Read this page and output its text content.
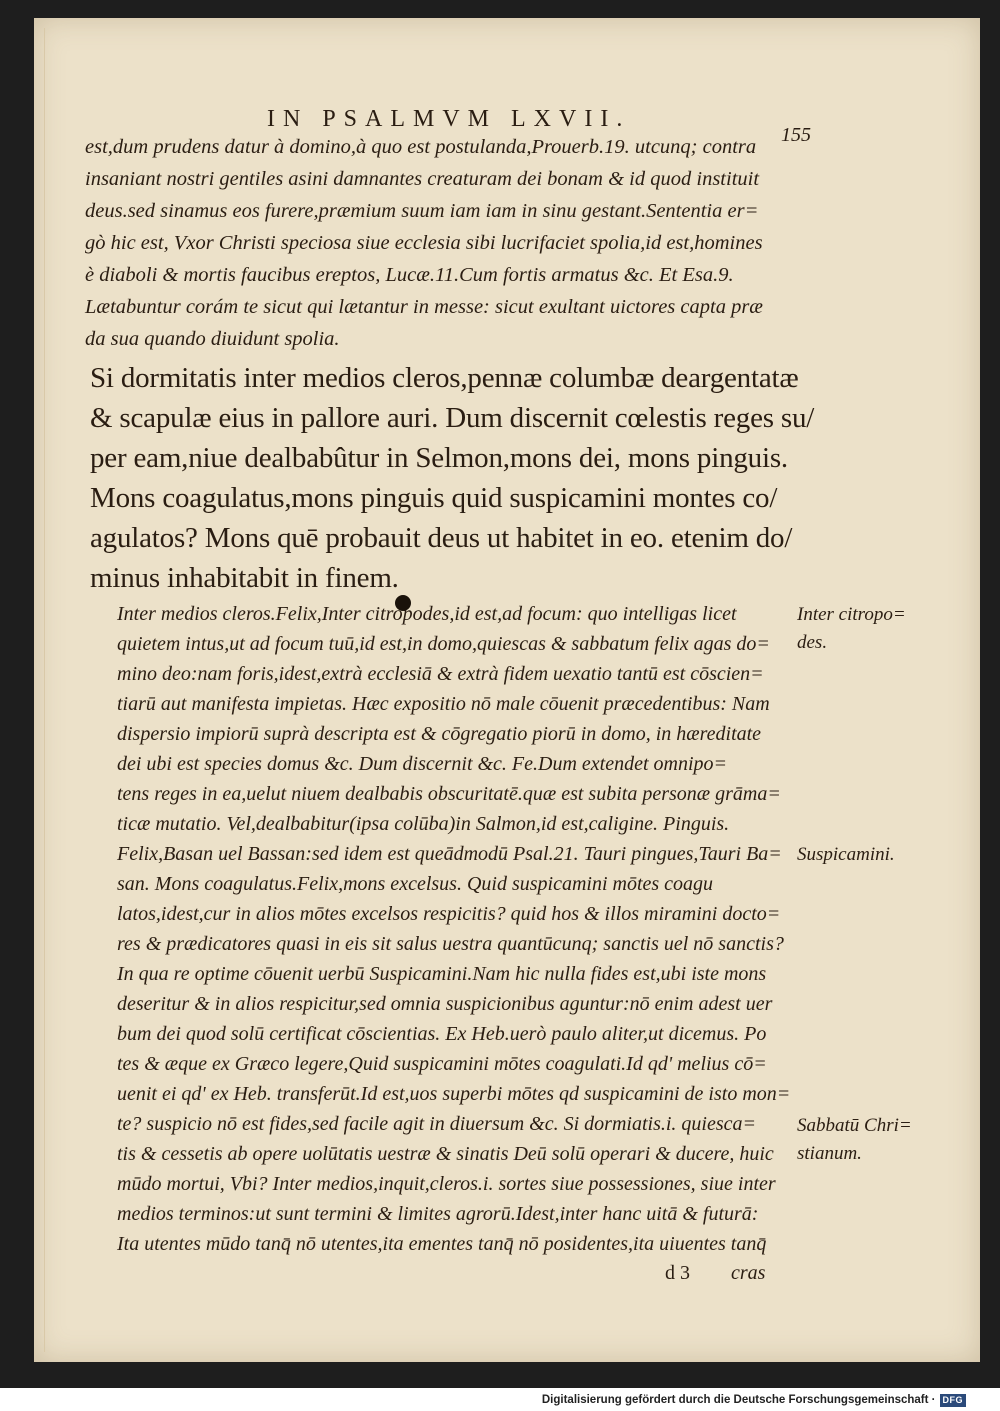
IN PSALMVM LXVII.
155
est,dum prudens datur à domino,à quo est postulanda,Prouerb.19. utcunq; contra
insaniant nostri gentiles asini damnantes creaturam dei bonam & id quod instituit
deus.sed sinamus eos furere,præmium suum iam iam in sinu gestant.Sententia er=
gò hic est, Vxor Christi speciosa siue ecclesia sibi lucrifaciet spolia,id est,homines
è diaboli & mortis faucibus ereptos, Lucæ.11.Cum fortis armatus &c. Et Esa.9.
Lætabuntur corám te sicut qui lætantur in messe: sicut exultant uictores capta præ
da sua quando diuidunt spolia.
Si dormitatis inter medios cleros,pennæ columbæ deargentatæ
& scapulæ eius in pallore auri. Dum discernit cœlestis reges su/
per eam,niue dealbabûtur in Selmon,mons dei, mons pinguis.
Mons coagulatus,mons pinguis quid suspicamini montes co/
agulatos? Mons quē probauit deus ut habitet in eo. etenim do/
minus inhabitabit in finem.
Inter medios cleros.Felix,Inter citropodes,id est,ad focum: quo intelligas licet
quietem intus,ut ad focum tuū,id est,in domo,quiescas & sabbatum felix agas do=
mino deo:nam foris,idest,extrà ecclesiā & extrà fidem uexatio tantū est cōscien=
tiarū aut manifesta impietas. Hæc expositio nō male cōuenit præcedentibus: Nam
dispersio impiorū suprà descripta est & cōgregatio piorū in domo, in hæreditate
dei ubi est species domus &c. Dum discernit &c. Fe.Dum extendet omnipo=
tens reges in ea,uelut niuem dealbabis obscuritatē.quæ est subita personæ grāma=
ticæ mutatio. Vel,dealbabitur(ipsa colūba)in Salmon,id est,caligine. Pinguis.
Felix,Basan uel Bassan:sed idem est queādmodū Psal.21. Tauri pingues,Tauri Ba=
san. Mons coagulatus.Felix,mons excelsus. Quid suspicamini mōtes coagu
latos,idest,cur in alios mōtes excelsos respicitis? quid hos & illos miramini docto=
res & prædicatores quasi in eis sit salus uestra quantūcunq; sanctis uel nō sanctis?
In qua re optime cōuenit uerbū Suspicamini.Nam hic nulla fides est,ubi iste mons
deseritur & in alios respicitur,sed omnia suspicionibus aguntur:nō enim adest uer
bum dei quod solū certificat cōscientias. Ex Heb.uerò paulo aliter,ut dicemus. Po
tes & æque ex Græco legere,Quid suspicamini mōtes coagulati.Id qd' melius cō=
uenit ei qd' ex Heb. transferūt.Id est,uos superbi mōtes qd suspicamini de isto mon=
te? suspicio nō est fides,sed facile agit in diuersum &c. Si dormiatis.i. quiesca=
tis & cessetis ab opere uolūtatis uestræ & sinatis Deū solū operari & ducere, huic
mūdo mortui, Vbi? Inter medios,inquit,cleros.i. sortes siue possessiones, siue inter
medios terminos:ut sunt termini & limites agrorū.Idest,inter hanc uitā & futurā:
Ita utentes mūdo tanq̄ nō utentes,ita ementes tanq̄ nō posidentes,ita uiuentes tanq̄
Inter citropo=
des.
Suspicamini.
Sabbatū Chri=
stianum.
d 3 cras
Digitalisierung gefördert durch die Deutsche Forschungsgemeinschaft · DFG
